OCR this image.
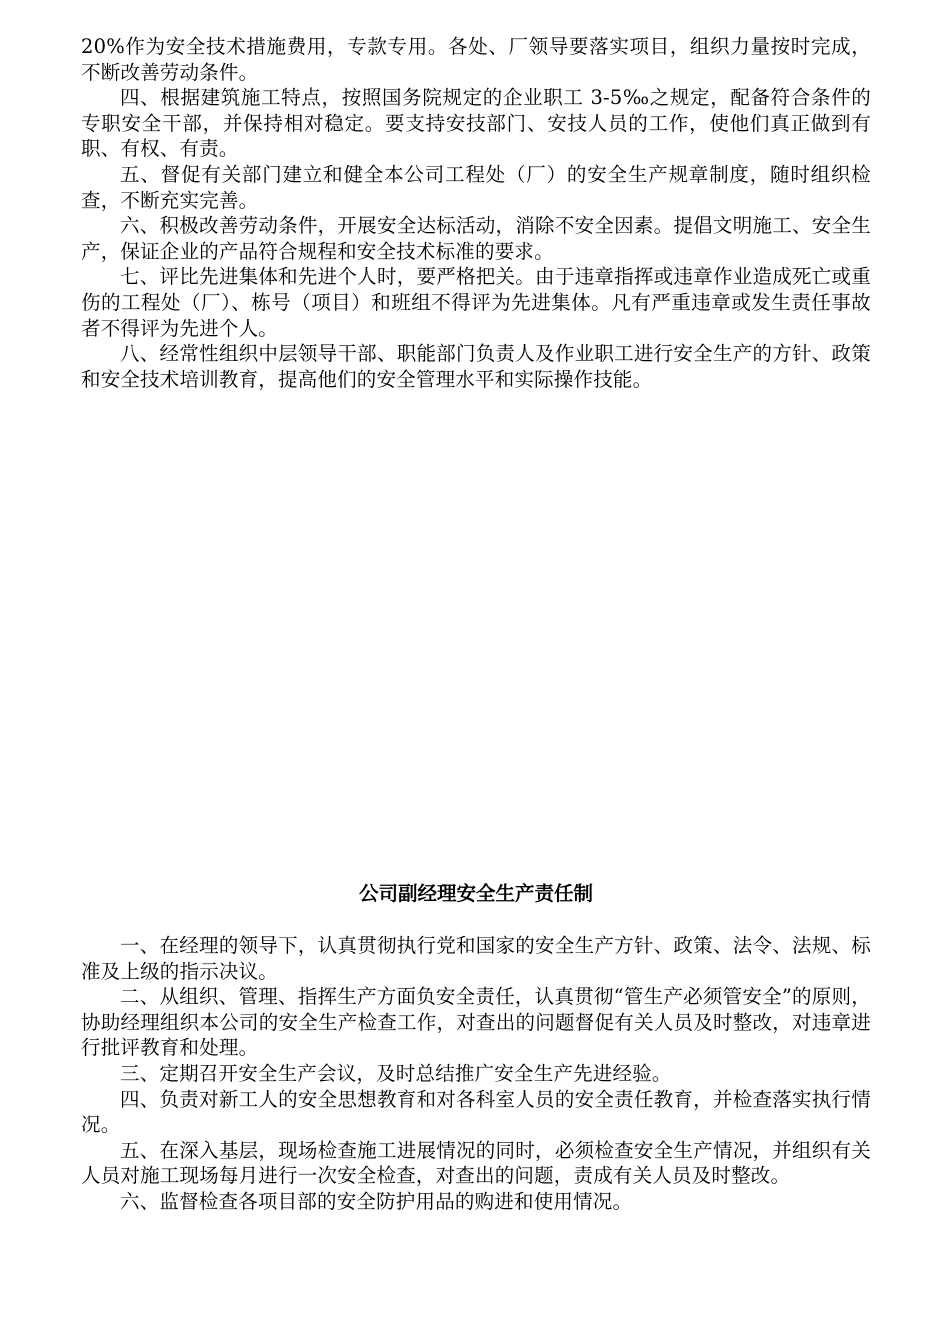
20%作为安全技术措施费用，专款专用。各处、厂领导要落实项目，组织力量按时完成，不断改善劳动条件。

四、根据建筑施工特点，按照国务院规定的企业职工 3-5‰之规定，配备符合条件的专职安全干部，并保持相对稳定。要支持安技部门、安技人员的工作，使他们真正做到有职、有权、有责。

五、督促有关部门建立和健全本公司工程处（厂）的安全生产规章制度，随时组织检查，不断充实完善。

六、积极改善劳动条件，开展安全达标活动，消除不安全因素。提倡文明施工、安全生产，保证企业的产品符合规程和安全技术标准的要求。

七、评比先进集体和先进个人时，要严格把关。由于违章指挥或违章作业造成死亡或重伤的工程处（厂）、栋号（项目）和班组不得评为先进集体。凡有严重违章或发生责任事故者不得评为先进个人。

八、经常性组织中层领导干部、职能部门负责人及作业职工进行安全生产的方针、政策和安全技术培训教育，提高他们的安全管理水平和实际操作技能。

公司副经理安全生产责任制

一、在经理的领导下，认真贯彻执行党和国家的安全生产方针、政策、法令、法规、标准及上级的指示决议。

二、从组织、管理、指挥生产方面负安全责任，认真贯彻“管生产必须管安全”的原则，协助经理组织本公司的安全生产检查工作，对查出的问题督促有关人员及时整改，对违章进行批评教育和处理。

三、定期召开安全生产会议，及时总结推广安全生产先进经验。

四、负责对新工人的安全思想教育和对各科室人员的安全责任教育，并检查落实执行情况。

五、在深入基层，现场检查施工进展情况的同时，必须检查安全生产情况，并组织有关人员对施工现场每月进行一次安全检查，对查出的问题，责成有关人员及时整改。

六、监督检查各项目部的安全防护用品的购进和使用情况。
